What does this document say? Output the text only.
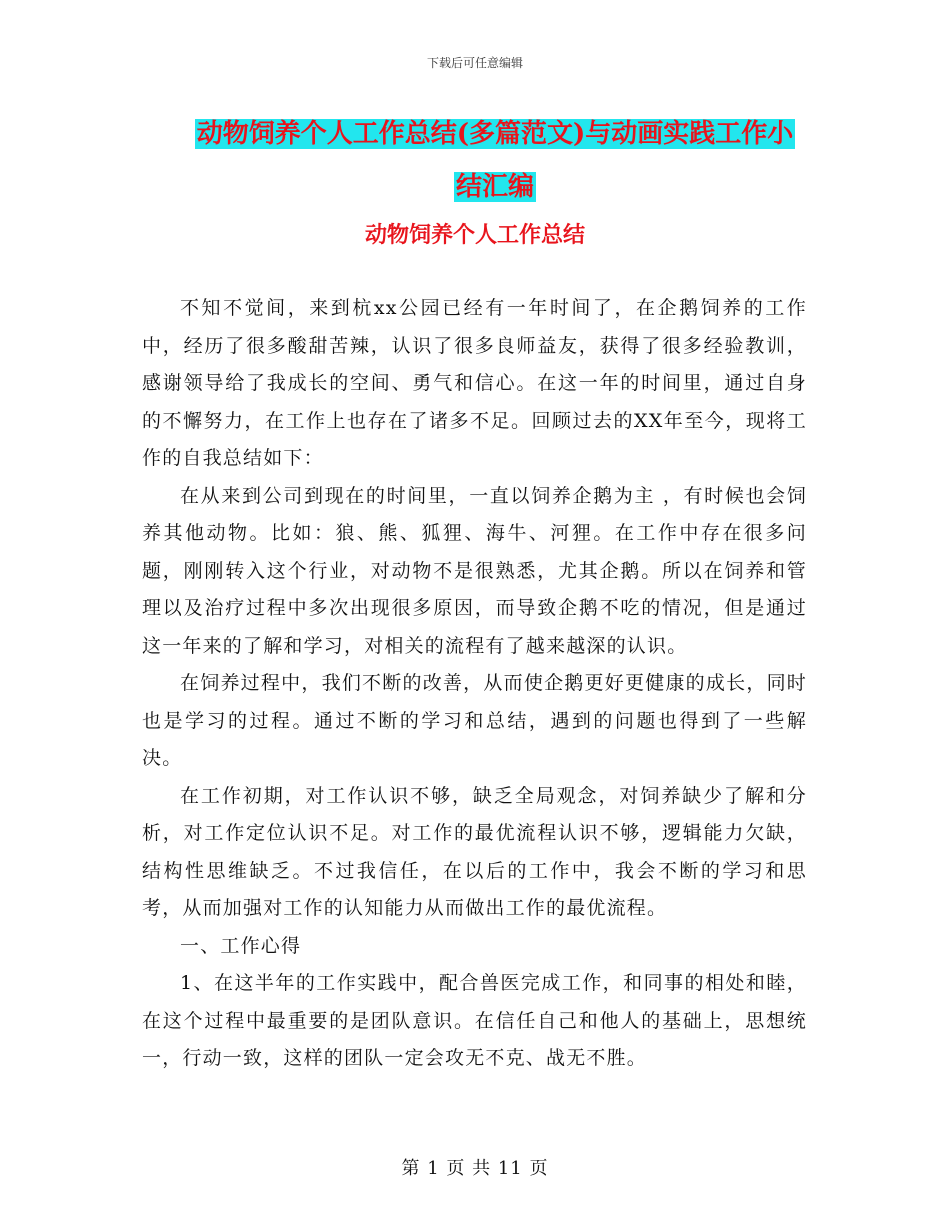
下载后可任意编辑
动物饲养个人工作总结(多篇范文)与动画实践工作小
结汇编
动物饲养个人工作总结

不知不觉间，来到杭xx公园已经有一年时间了，在企鹅饲养的工作中，经历了很多酸甜苦辣，认识了很多良师益友，获得了很多经验教训，感谢领导给了我成长的空间、勇气和信心。在这一年的时间里，通过自身的不懈努力，在工作上也存在了诸多不足。回顾过去的XX年至今，现将工作的自我总结如下：

在从来到公司到现在的时间里，一直以饲养企鹅为主 ，有时候也会饲养其他动物。比如：狼、熊、狐狸、海牛、河狸。在工作中存在很多问题，刚刚转入这个行业，对动物不是很熟悉，尤其企鹅。所以在饲养和管理以及治疗过程中多次出现很多原因，而导致企鹅不吃的情况，但是通过这一年来的了解和学习，对相关的流程有了越来越深的认识。

在饲养过程中，我们不断的改善，从而使企鹅更好更健康的成长，同时也是学习的过程。通过不断的学习和总结，遇到的问题也得到了一些解决。

在工作初期，对工作认识不够，缺乏全局观念，对饲养缺少了解和分析，对工作定位认识不足。对工作的最优流程认识不够，逻辑能力欠缺，结构性思维缺乏。不过我信任，在以后的工作中，我会不断的学习和思考，从而加强对工作的认知能力从而做出工作的最优流程。

一、工作心得

1、在这半年的工作实践中，配合兽医完成工作，和同事的相处和睦，在这个过程中最重要的是团队意识。在信任自己和他人的基础上，思想统一，行动一致，这样的团队一定会攻无不克、战无不胜。

第 1 页 共 11 页
